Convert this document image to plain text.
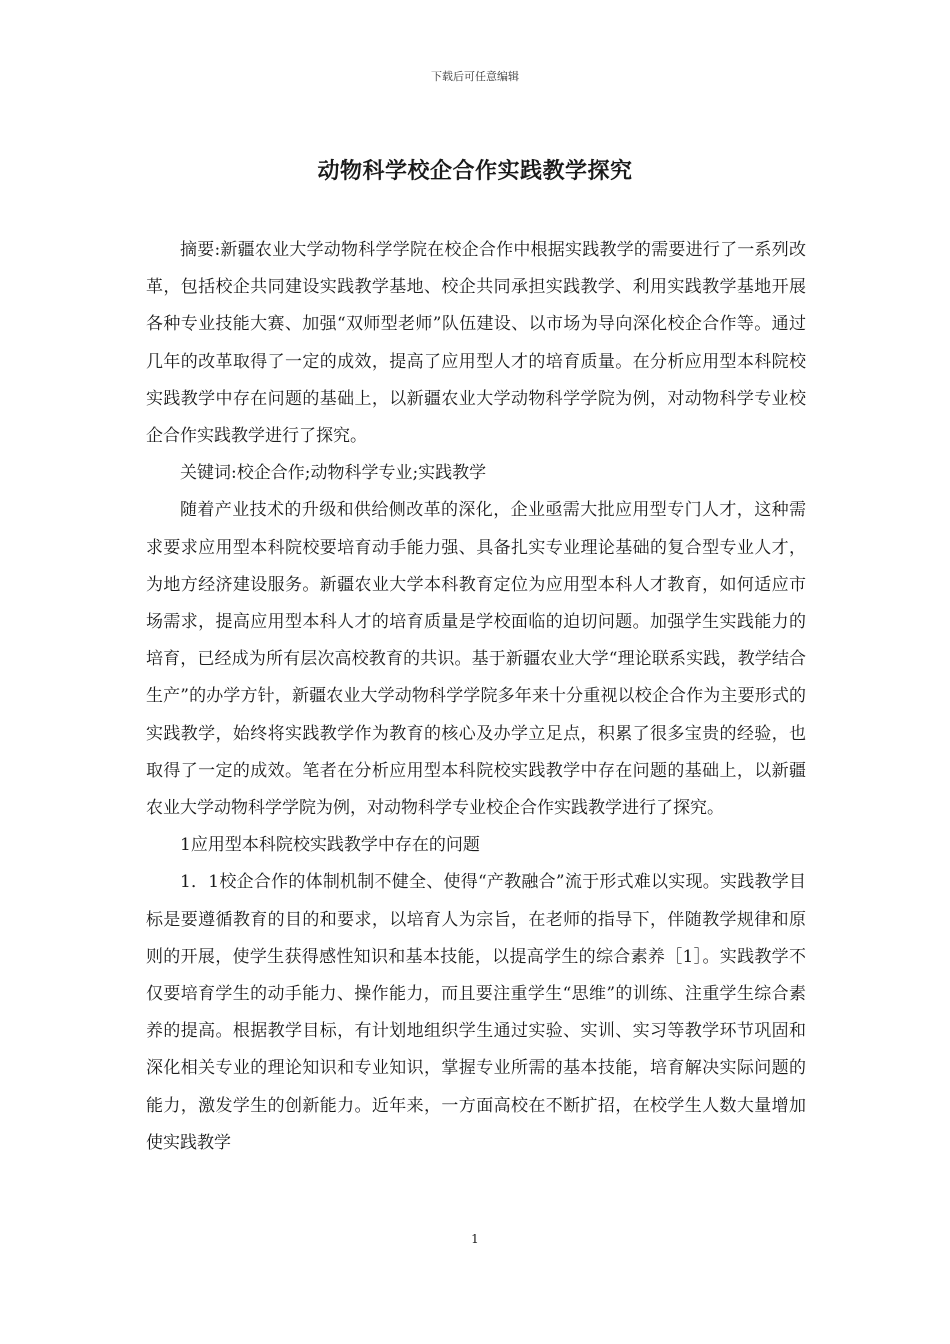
下载后可任意编辑
动物科学校企合作实践教学探究

摘要:新疆农业大学动物科学学院在校企合作中根据实践教学的需要进行了一系列改革，包括校企共同建设实践教学基地、校企共同承担实践教学、利用实践教学基地开展各种专业技能大赛、加强“双师型老师”队伍建设、以市场为导向深化校企合作等。通过几年的改革取得了一定的成效，提高了应用型人才的培育质量。在分析应用型本科院校实践教学中存在问题的基础上，以新疆农业大学动物科学学院为例，对动物科学专业校企合作实践教学进行了探究。

关键词:校企合作;动物科学专业;实践教学

随着产业技术的升级和供给侧改革的深化，企业亟需大批应用型专门人才，这种需求要求应用型本科院校要培育动手能力强、具备扎实专业理论基础的复合型专业人才，为地方经济建设服务。新疆农业大学本科教育定位为应用型本科人才教育，如何适应市场需求，提高应用型本科人才的培育质量是学校面临的迫切问题。加强学生实践能力的培育，已经成为所有层次高校教育的共识。基于新疆农业大学“理论联系实践，教学结合生产”的办学方针，新疆农业大学动物科学学院多年来十分重视以校企合作为主要形式的实践教学，始终将实践教学作为教育的核心及办学立足点，积累了很多宝贵的经验，也取得了一定的成效。笔者在分析应用型本科院校实践教学中存在问题的基础上，以新疆农业大学动物科学学院为例，对动物科学专业校企合作实践教学进行了探究。

1应用型本科院校实践教学中存在的问题

1．1校企合作的体制机制不健全、使得“产教融合”流于形式难以实现。实践教学目标是要遵循教育的目的和要求，以培育人为宗旨，在老师的指导下，伴随教学规律和原则的开展，使学生获得感性知识和基本技能，以提高学生的综合素养［1］。实践教学不仅要培育学生的动手能力、操作能力，而且要注重学生“思维”的训练、注重学生综合素养的提高。根据教学目标，有计划地组织学生通过实验、实训、实习等教学环节巩固和深化相关专业的理论知识和专业知识，掌握专业所需的基本技能，培育解决实际问题的能力，激发学生的创新能力。近年来，一方面高校在不断扩招，在校学生人数大量增加使实践教学

1
